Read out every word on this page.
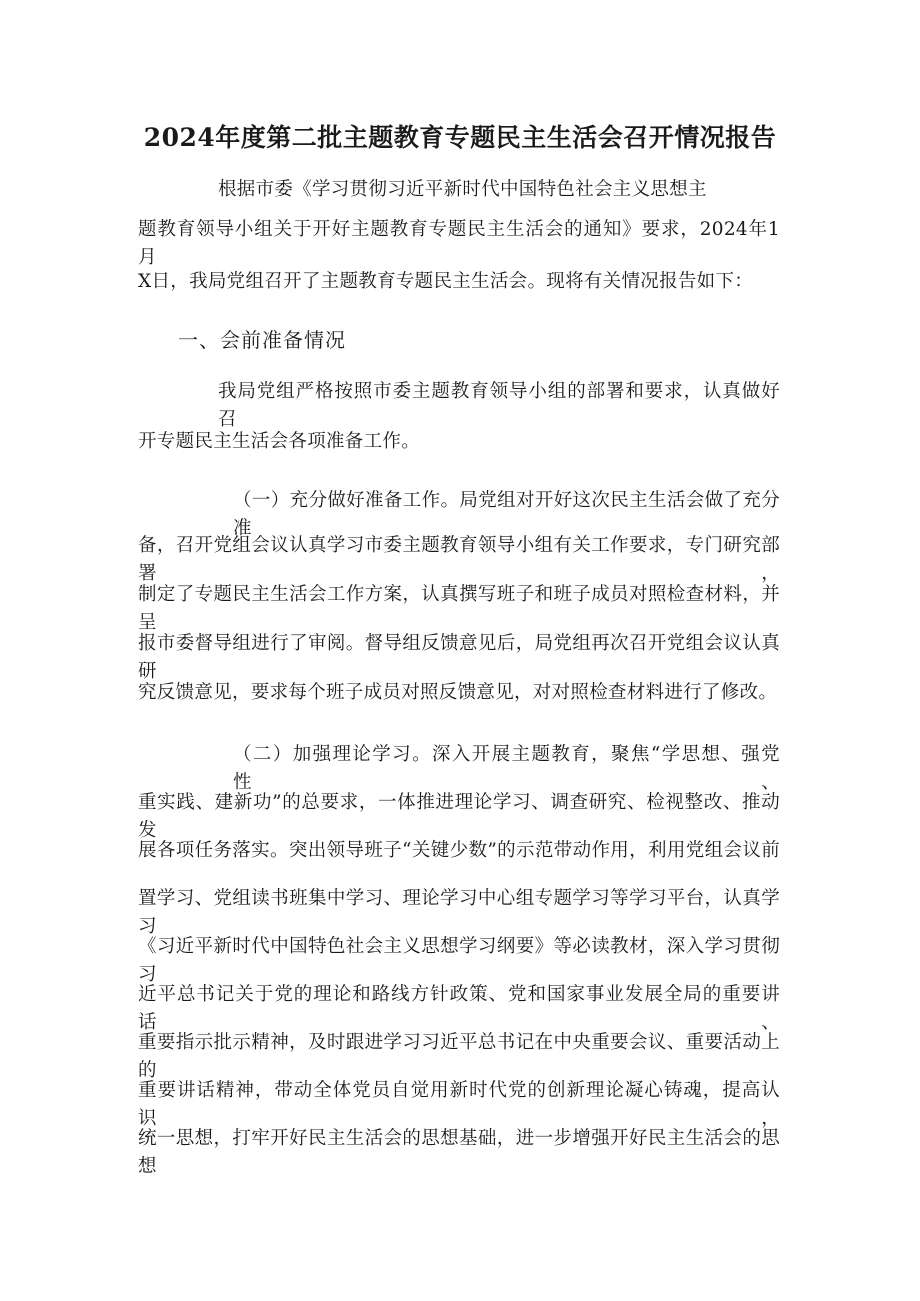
2024年度第二批主题教育专题民主生活会召开情况报告
根据市委《学习贯彻习近平新时代中国特色社会主义思想主
题教育领导小组关于开好主题教育专题民主生活会的通知》要求，2024年1月
X日，我局党组召开了主题教育专题民主生活会。现将有关情况报告如下：
一、会前准备情况
我局党组严格按照市委主题教育领导小组的部署和要求，认真做好召
开专题民主生活会各项准备工作。
（一）充分做好准备工作。局党组对开好这次民主生活会做了充分准
备，召开党组会议认真学习市委主题教育领导小组有关工作要求，专门研究部署，
制定了专题民主生活会工作方案，认真撰写班子和班子成员对照检查材料，并呈
报市委督导组进行了审阅。督导组反馈意见后，局党组再次召开党组会议认真研
究反馈意见，要求每个班子成员对照反馈意见，对对照检查材料进行了修改。
（二）加强理论学习。深入开展主题教育，聚焦“学思想、强党性、
重实践、建新功”的总要求，一体推进理论学习、调查研究、检视整改、推动发
展各项任务落实。突出领导班子“关键少数”的示范带动作用，利用党组会议前
置学习、党组读书班集中学习、理论学习中心组专题学习等学习平台，认真学习
《习近平新时代中国特色社会主义思想学习纲要》等必读教材，深入学习贯彻习
近平总书记关于党的理论和路线方针政策、党和国家事业发展全局的重要讲话、
重要指示批示精神，及时跟进学习习近平总书记在中央重要会议、重要活动上的
重要讲话精神，带动全体党员自觉用新时代党的创新理论凝心铸魂，提高认识，
统一思想，打牢开好民主生活会的思想基础，进一步增强开好民主生活会的思想
